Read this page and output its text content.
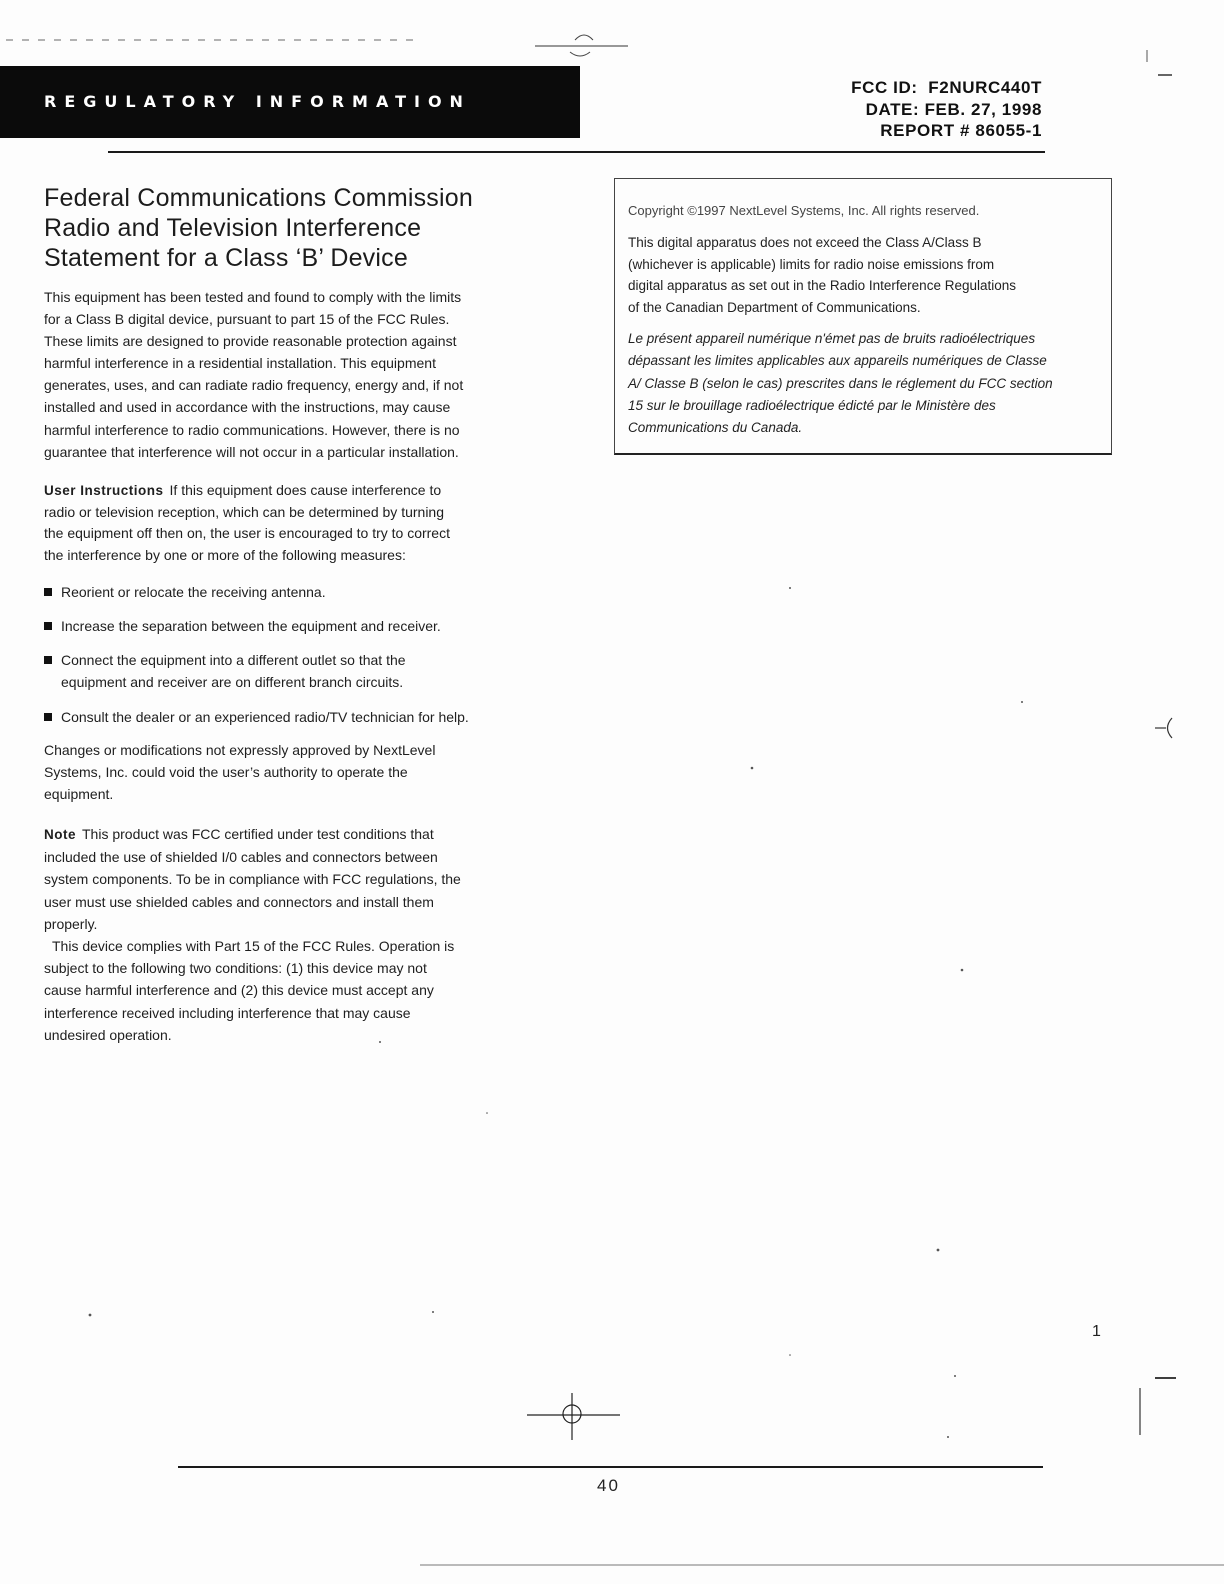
REGULATORY INFORMATION
FCC ID:  F2NURC440T
DATE: FEB. 27, 1998
REPORT # 86055-1
Federal Communications Commission
Radio and Television Interference
Statement for a Class ‘B’ Device
This equipment has been tested and found to comply with the limits
for a Class B digital device, pursuant to part 15 of the FCC Rules.
These limits are designed to provide reasonable protection against
harmful interference in a residential installation. This equipment
generates, uses, and can radiate radio frequency, energy and, if not
installed and used in accordance with the instructions, may cause
harmful interference to radio communications. However, there is no
guarantee that interference will not occur in a particular installation.
User Instructions If this equipment does cause interference to
radio or television reception, which can be determined by turning
the equipment off then on, the user is encouraged to try to correct
the interference by one or more of the following measures:
Reorient or relocate the receiving antenna.
Increase the separation between the equipment and receiver.
Connect the equipment into a different outlet so that the
equipment and receiver are on different branch circuits.
Consult the dealer or an experienced radio/TV technician for help.
Changes or modifications not expressly approved by NextLevel
Systems, Inc. could void the user’s authority to operate the
equipment.
Note This product was FCC certified under test conditions that
included the use of shielded I/0 cables and connectors between
system components. To be in compliance with FCC regulations, the
user must use shielded cables and connectors and install them
properly.
This device complies with Part 15 of the FCC Rules. Operation is
subject to the following two conditions: (1) this device may not
cause harmful interference and (2) this device must accept any
interference received including interference that may cause
undesired operation.
Copyright ©1997 NextLevel Systems, Inc. All rights reserved.
This digital apparatus does not exceed the Class A/Class B
(whichever is applicable) limits for radio noise emissions from
digital apparatus as set out in the Radio Interference Regulations
of the Canadian Department of Communications.
Le présent appareil numérique n'émet pas de bruits radioélectriques
dépassant les limites applicables aux appareils numériques de Classe
A/ Classe B (selon le cas) prescrites dans le réglement du FCC section
15 sur le brouillage radioélectrique édicté par le Ministère des
Communications du Canada.
1
40
